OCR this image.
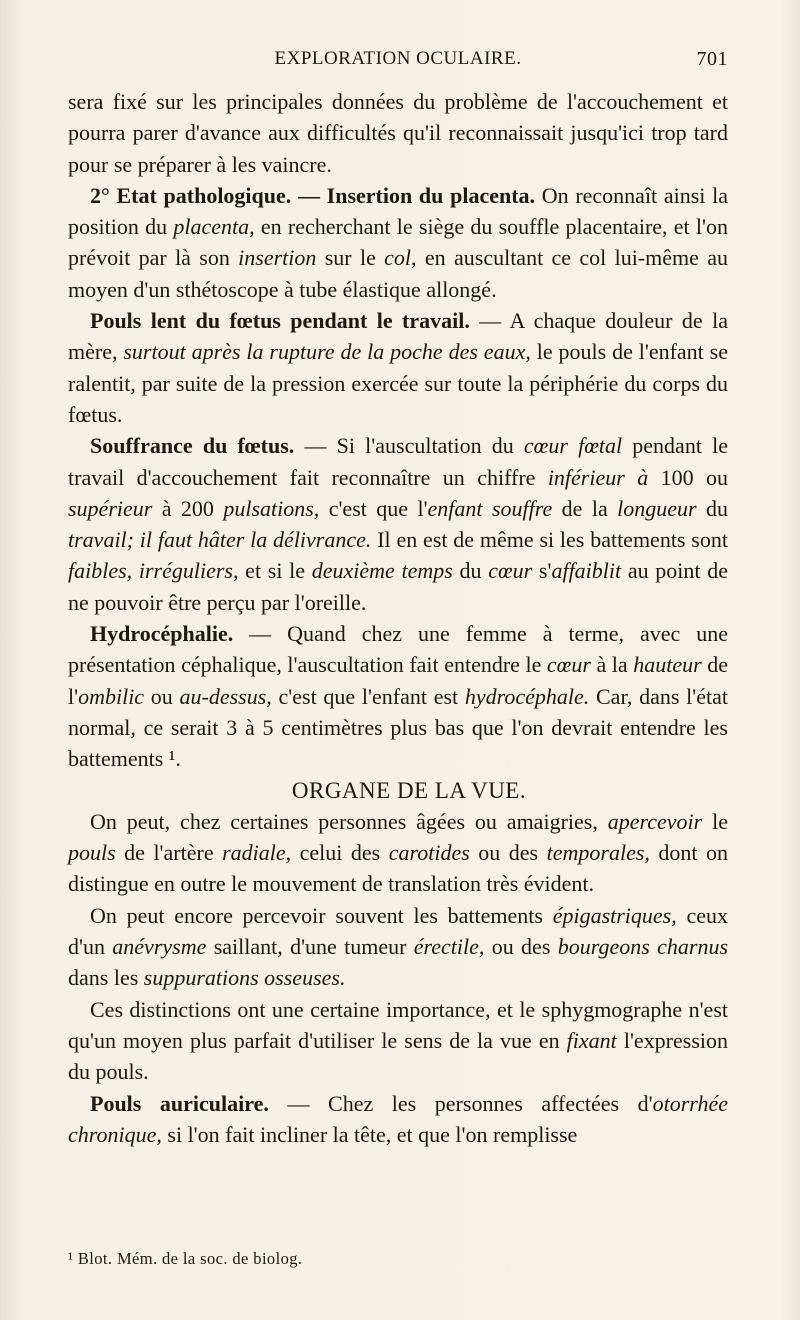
EXPLORATION OCULAIRE.	701

sera fixé sur les principales données du problème de l'accouchement et pourra parer d'avance aux difficultés qu'il reconnaissait jusqu'ici trop tard pour se préparer à les vaincre.

2° Etat pathologique. — Insertion du placenta. On reconnaît ainsi la position du placenta, en recherchant le siège du souffle placentaire, et l'on prévoit par là son insertion sur le col, en auscultant ce col lui-même au moyen d'un sthétoscope à tube élastique allongé.

Pouls lent du fœtus pendant le travail. — A chaque douleur de la mère, surtout après la rupture de la poche des eaux, le pouls de l'enfant se ralentit, par suite de la pression exercée sur toute la périphérie du corps du fœtus.

Souffrance du fœtus. — Si l'auscultation du cœur fœtal pendant le travail d'accouchement fait reconnaître un chiffre inférieur à 100 ou supérieur à 200 pulsations, c'est que l'enfant souffre de la longueur du travail; il faut hâter la délivrance. Il en est de même si les battements sont faibles, irréguliers, et si le deuxième temps du cœur s'affaiblit au point de ne pouvoir être perçu par l'oreille.

Hydrocéphalie. — Quand chez une femme à terme, avec une présentation céphalique, l'auscultation fait entendre le cœur à la hauteur de l'ombilic ou au-dessus, c'est que l'enfant est hydrocéphale. Car, dans l'état normal, ce serait 3 à 5 centimètres plus bas que l'on devrait entendre les battements ¹.

ORGANE DE LA VUE.

On peut, chez certaines personnes âgées ou amaigries, apercevoir le pouls de l'artère radiale, celui des carotides ou des temporales, dont on distingue en outre le mouvement de translation très évident.

On peut encore percevoir souvent les battements épigastriques, ceux d'un anévrysme saillant, d'une tumeur érectile, ou des bourgeons charnus dans les suppurations osseuses.

Ces distinctions ont une certaine importance, et le sphygmographe n'est qu'un moyen plus parfait d'utiliser le sens de la vue en fixant l'expression du pouls.

Pouls auriculaire. — Chez les personnes affectées d'otorrhée chronique, si l'on fait incliner la tête, et que l'on remplisse

¹ Blot. Mém. de la soc. de biolog.
